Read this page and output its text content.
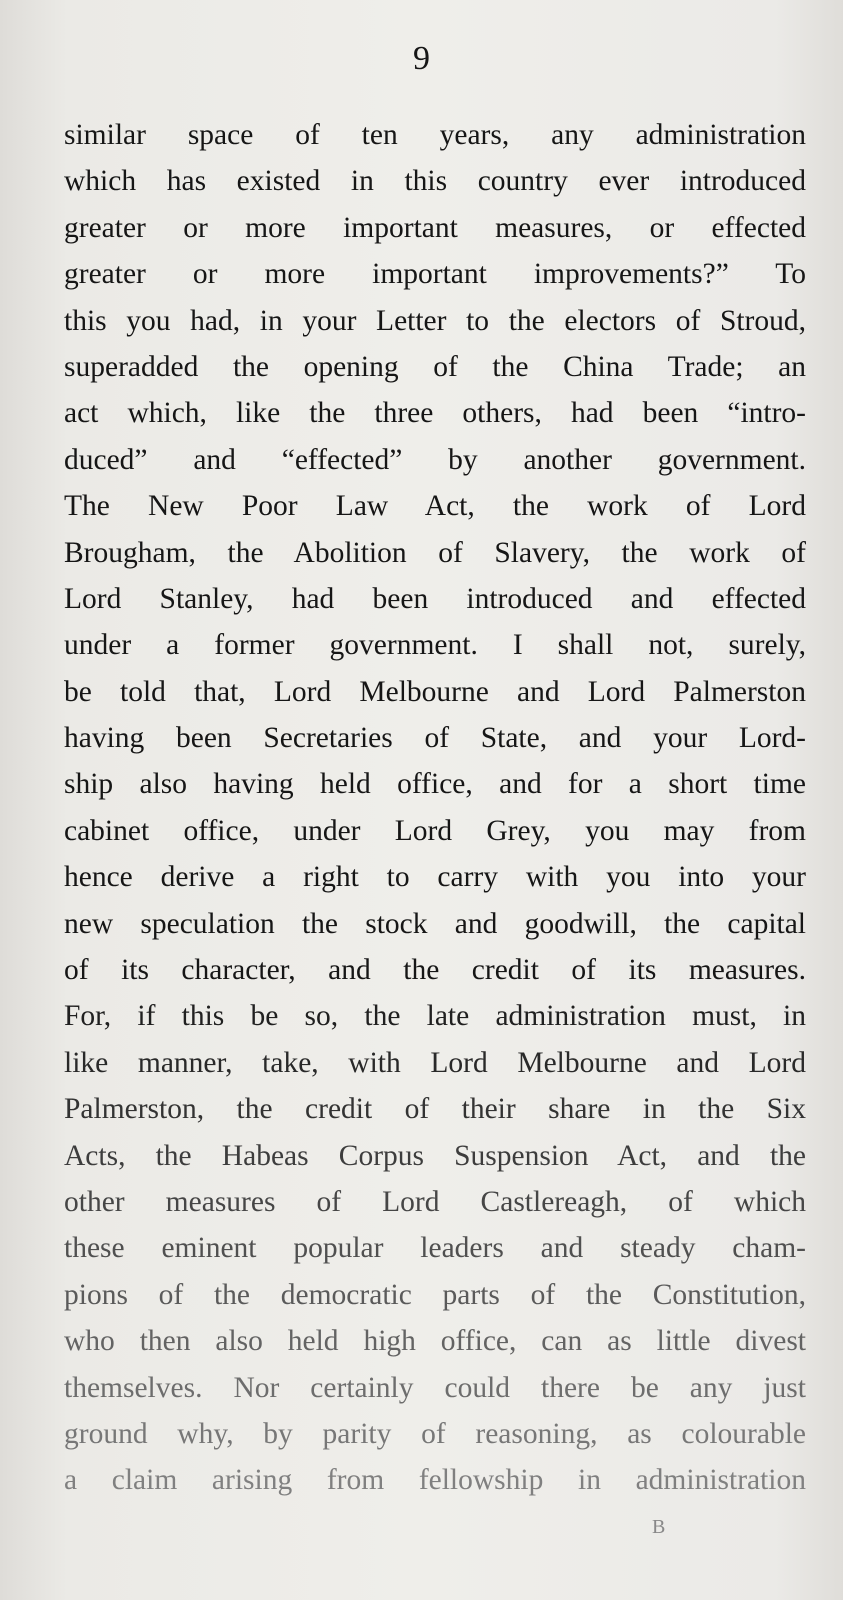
9
similar space of ten years, any administration
which has existed in this country ever introduced
greater or more important measures, or effected
greater or more important improvements?” To
this you had, in your Letter to the electors of Stroud,
superadded the opening of the China Trade; an
act which, like the three others, had been “intro-
duced” and “effected” by another government.
The New Poor Law Act, the work of Lord
Brougham, the Abolition of Slavery, the work of
Lord Stanley, had been introduced and effected
under a former government. I shall not, surely,
be told that, Lord Melbourne and Lord Palmerston
having been Secretaries of State, and your Lord-
ship also having held office, and for a short time
cabinet office, under Lord Grey, you may from
hence derive a right to carry with you into your
new speculation the stock and goodwill, the capital
of its character, and the credit of its measures.
For, if this be so, the late administration must, in
like manner, take, with Lord Melbourne and Lord
Palmerston, the credit of their share in the Six
Acts, the Habeas Corpus Suspension Act, and the
other measures of Lord Castlereagh, of which
these eminent popular leaders and steady cham-
pions of the democratic parts of the Constitution,
who then also held high office, can as little divest
themselves. Nor certainly could there be any just
ground why, by parity of reasoning, as colourable
a claim arising from fellowship in administration
B
